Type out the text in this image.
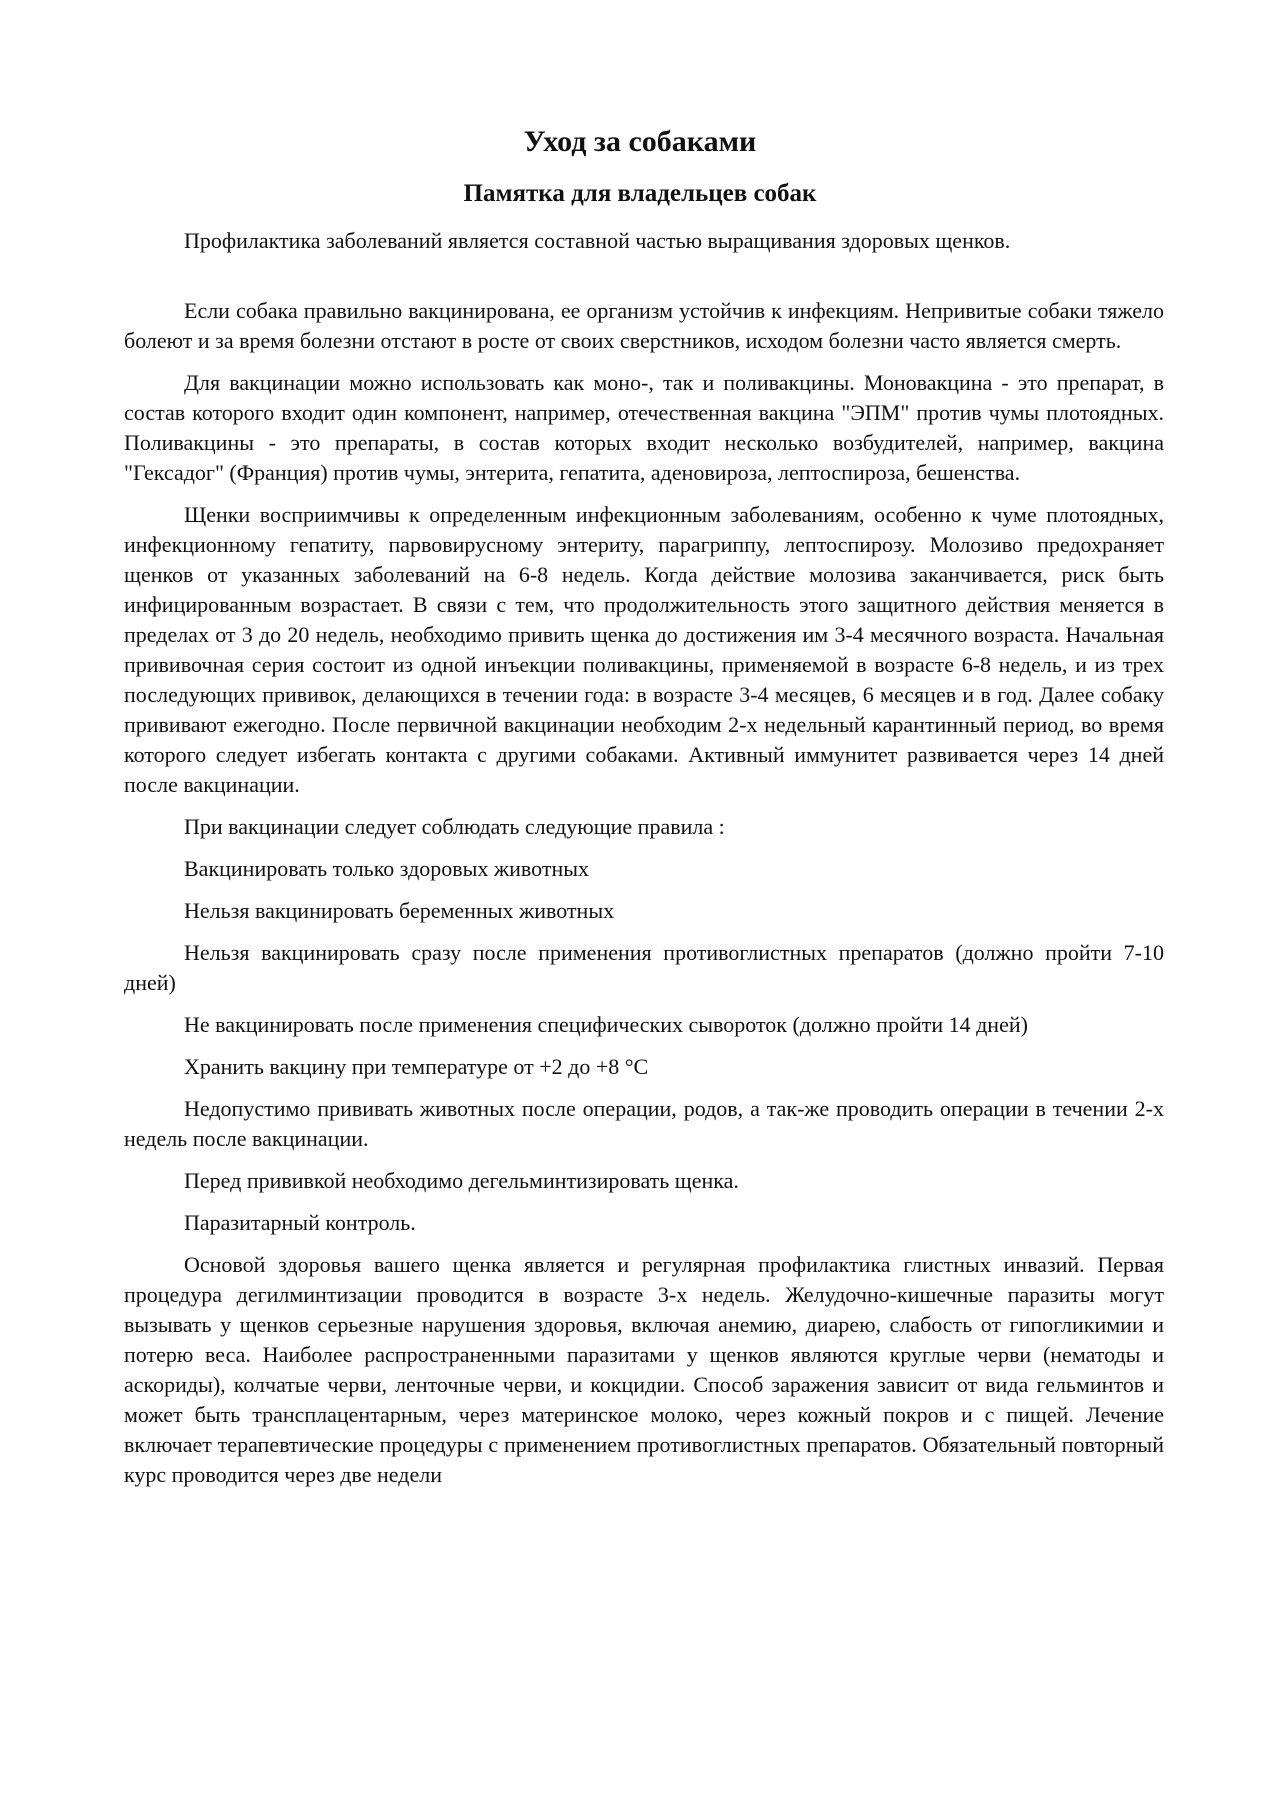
Уход за собаками
Памятка для владельцев собак

Профилактика заболеваний является составной частью выращивания здоровых щенков.

Если собака правильно вакцинирована, ее организм устойчив к инфекциям. Непривитые собаки тяжело болеют и за время болезни отстают в росте от своих сверстников, исходом болезни часто является смерть.

Для вакцинации можно использовать как моно-, так и поливакцины. Моновакцина - это препарат, в состав которого входит один компонент, например, отечественная вакцина "ЭПМ" против чумы плотоядных. Поливакцины - это препараты, в состав которых входит несколько возбудителей, например, вакцина "Гексадог" (Франция) против чумы, энтерита, гепатита, аденовироза, лептоспироза, бешенства.

Щенки восприимчивы к определенным инфекционным заболеваниям, особенно к чуме плотоядных, инфекционному гепатиту, парвовирусному энтериту, парагриппу, лептоспирозу. Молозиво предохраняет щенков от указанных заболеваний на 6-8 недель. Когда действие молозива заканчивается, риск быть инфицированным возрастает. В связи с тем, что продолжительность этого защитного действия меняется в пределах от 3 до 20 недель, необходимо привить щенка до достижения им 3-4 месячного возраста. Начальная прививочная серия состоит из одной инъекции поливакцины, применяемой в возрасте 6-8 недель, и из трех последующих прививок, делающихся в течении года: в возрасте 3-4 месяцев, 6 месяцев и в год. Далее собаку прививают ежегодно. После первичной вакцинации необходим 2-х недельный карантинный период, во время которого следует избегать контакта с другими собаками. Активный иммунитет развивается через 14 дней после вакцинации.

При вакцинации следует соблюдать следующие правила :

Вакцинировать только здоровых животных

Нельзя вакцинировать беременных животных

Нельзя вакцинировать сразу после применения противоглистных препаратов (должно пройти 7-10 дней)

Не вакцинировать после применения специфических сывороток (должно пройти 14 дней)

Хранить вакцину при температуре от +2 до +8 °С

Недопустимо прививать животных после операции, родов, а так-же проводить операции в течении 2-х недель после вакцинации.

Перед прививкой необходимо дегельминтизировать щенка.

Паразитарный контроль.

Основой здоровья вашего щенка является и регулярная профилактика глистных инвазий. Первая процедура дегилминтизации проводится в возрасте 3-х недель. Желудочно-кишечные паразиты могут вызывать у щенков серьезные нарушения здоровья, включая анемию, диарею, слабость от гипогликимии и потерю веса. Наиболее распространенными паразитами у щенков являются круглые черви (нематоды и аскориды), колчатые черви, ленточные черви, и кокцидии. Способ заражения зависит от вида гельминтов и может быть трансплацентарным, через материнское молоко, через кожный покров и с пищей. Лечение включает терапевтические процедуры с применением противоглистных препаратов. Обязательный повторный курс проводится через две недели
